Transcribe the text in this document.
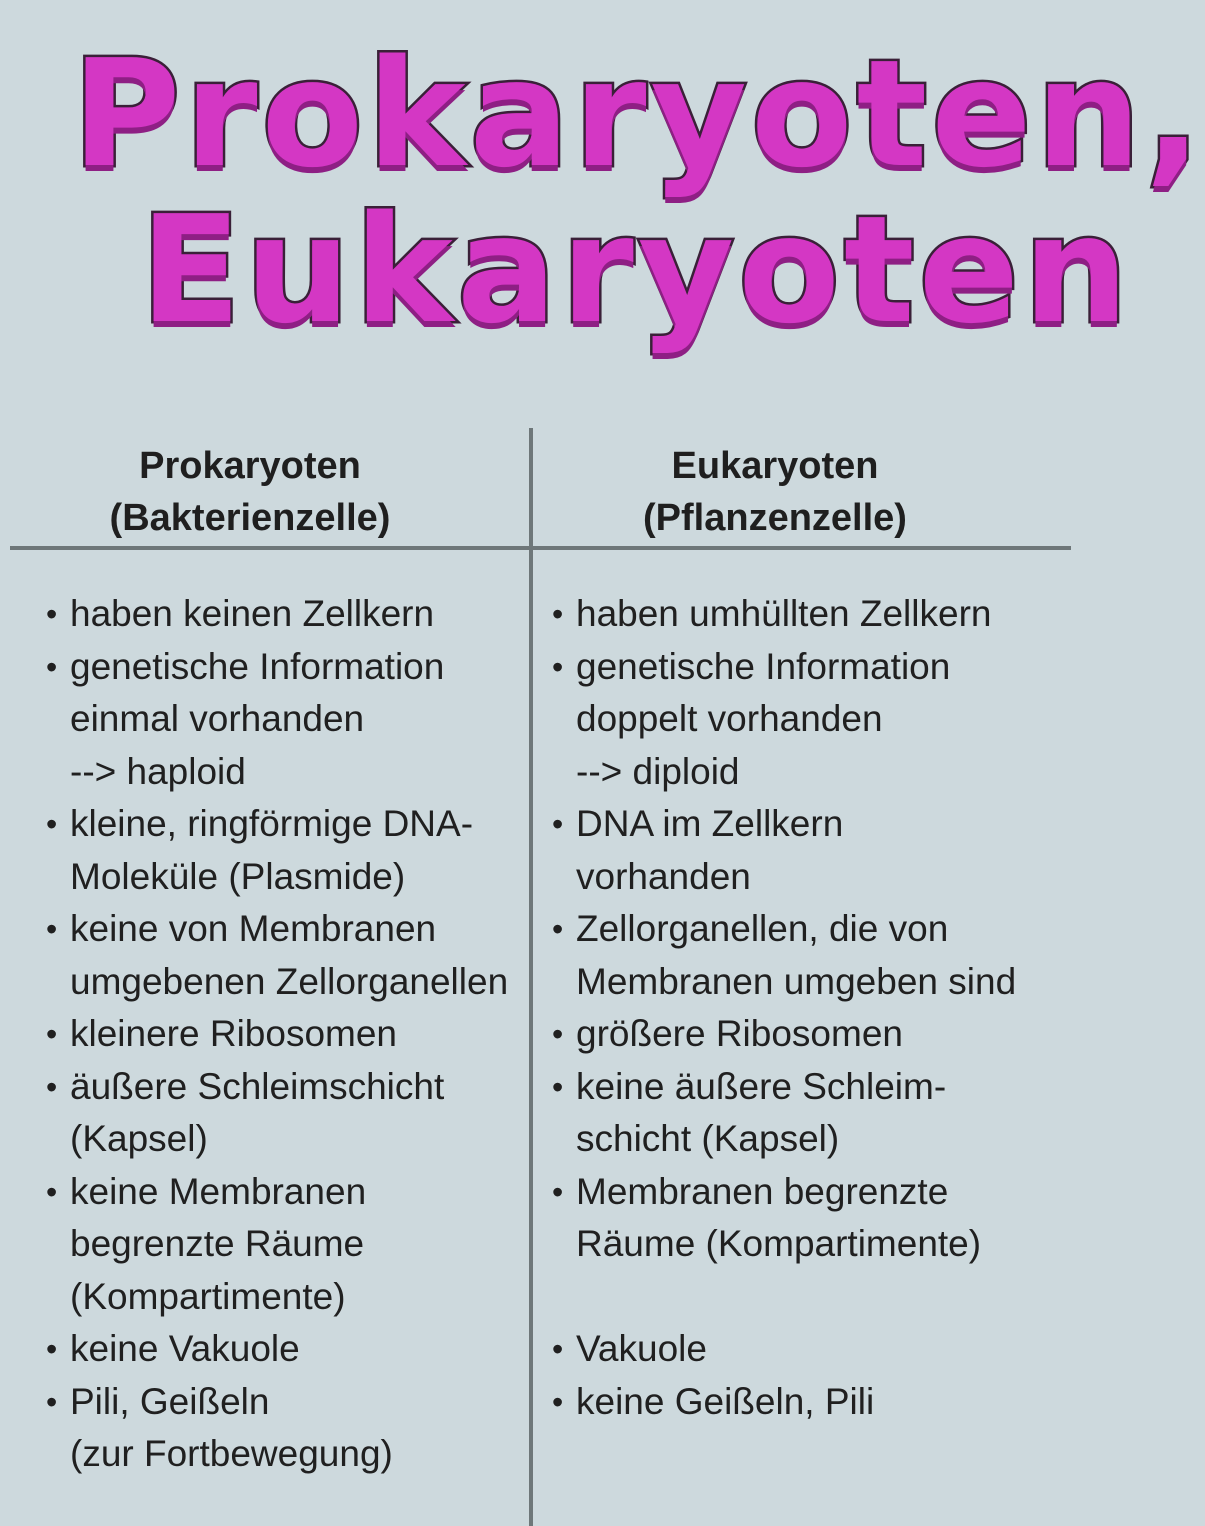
Prokaryoten,
Eukaryoten
Prokaryoten
(Bakterienzelle)
Eukaryoten
(Pflanzenzelle)
• haben keinen Zellkern
• genetische Information
einmal vorhanden
--> haploid
• kleine, ringförmige DNA-
Moleküle (Plasmide)
• keine von Membranen
umgebenen Zellorganellen
• kleinere Ribosomen
• äußere Schleimschicht
(Kapsel)
• keine Membranen
begrenzte Räume
(Kompartimente)
• keine Vakuole
• Pili, Geißeln
(zur Fortbewegung)
• haben umhüllten Zellkern
• genetische Information
doppelt vorhanden
--> diploid
• DNA im Zellkern
vorhanden
• Zellorganellen, die von
Membranen umgeben sind
• größere Ribosomen
• keine äußere Schleim-
schicht (Kapsel)
• Membranen begrenzte
Räume (Kompartimente)
• Vakuole
• keine Geißeln, Pili
